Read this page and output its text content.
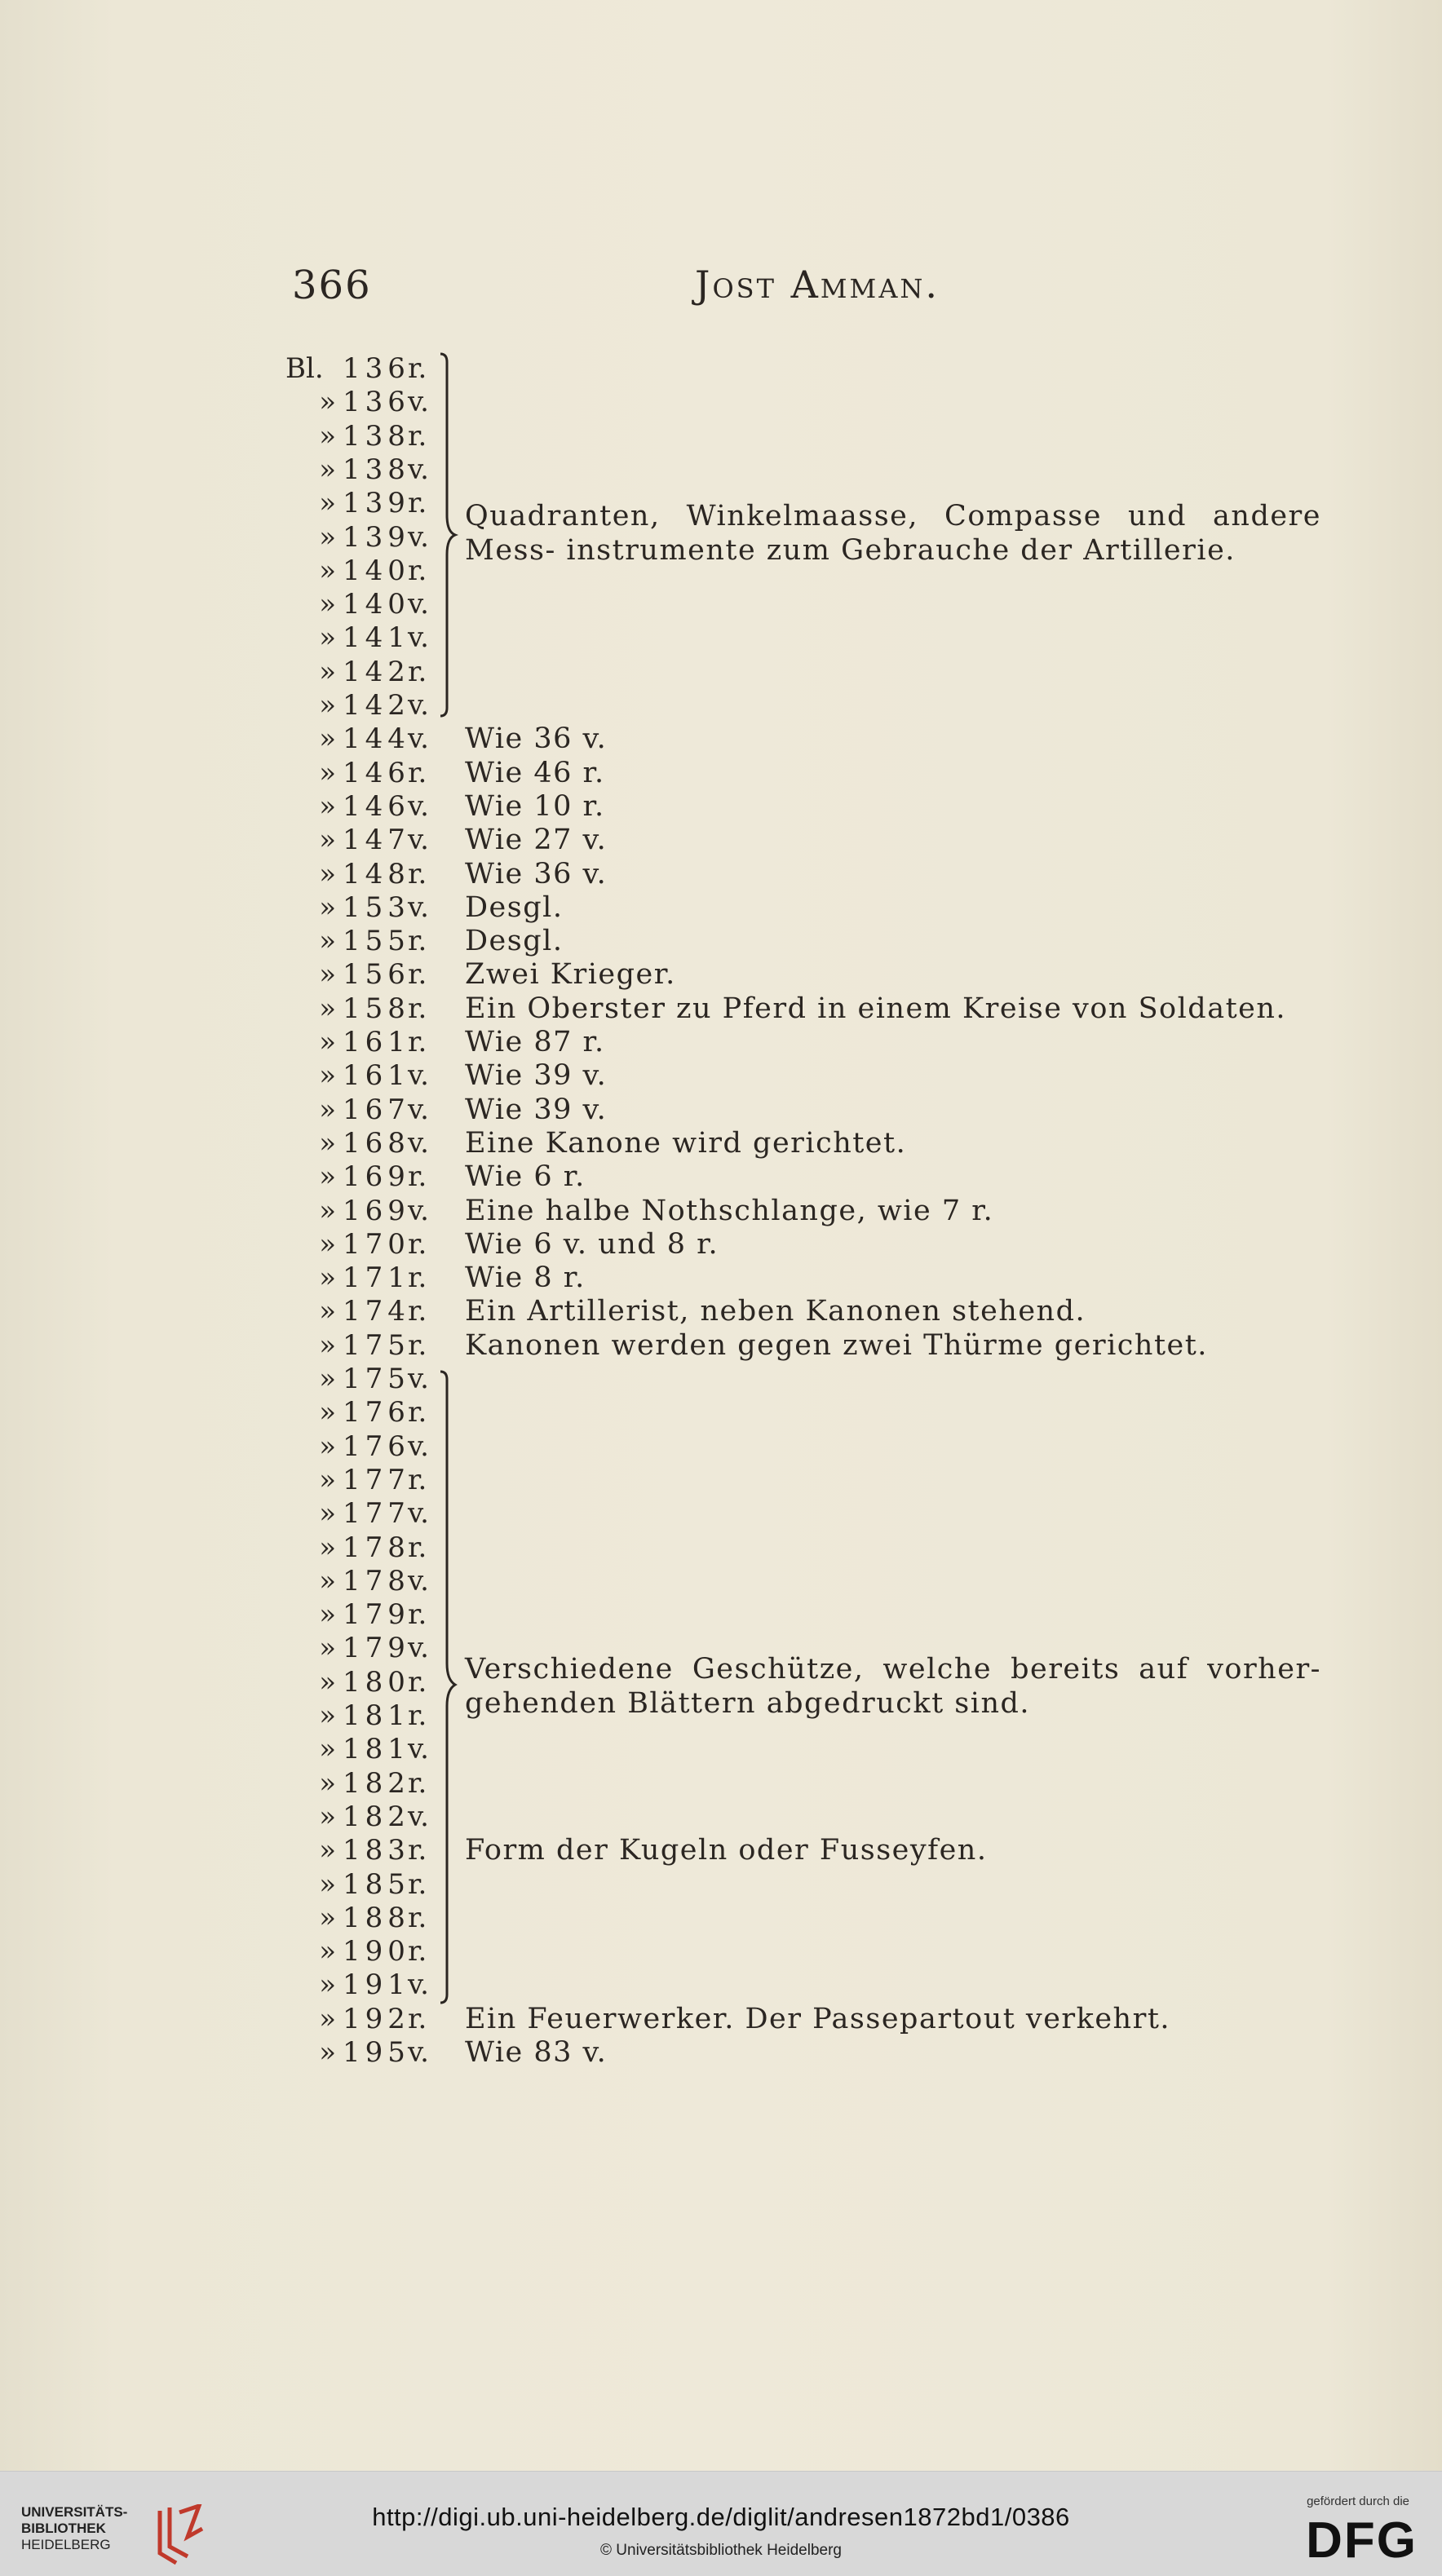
366	Jost Amman.
Bl. 136
r.
» 136
v.
» 138
r.
» 138
v.
» 139
r.
» 139
v.
» 140
r.
» 140
v.
» 141
v.
» 142
r.
» 142
v.
» 144
v. Wie 36 v.
» 146
r. Wie 46 r.
» 146
v. Wie 10 r.
» 147
v. Wie 27 v.
» 148
r. Wie 36 v.
» 153
v. Desgl.
» 155
r. Desgl.
» 156
r. Zwei Krieger.
» 158
r. Ein Oberster zu Pferd in einem Kreise von Soldaten.
» 161
r. Wie 87 r.
» 161
v. Wie 39 v.
» 167
v. Wie 39 v.
» 168
v. Eine Kanone wird gerichtet.
» 169
r. Wie 6 r.
» 169
v. Eine halbe Nothschlange, wie 7 r.
» 170
r. Wie 6 v. und 8 r.
» 171
r. Wie 8 r.
» 174
r. Ein Artillerist, neben Kanonen stehend.
» 175
r. Kanonen werden gegen zwei Thürme gerichtet.
» 175
v.
» 176
r.
» 176
v.
» 177
r.
» 177
v.
» 178
r.
» 178
v.
» 179
r.
» 179
v.
» 180
r.
» 181
r.
» 181
v.
» 182
r.
» 182
v.
» 183
r. Form der Kugeln oder Fusseyfen.
» 185
r.
» 188
r.
» 190
r.
» 191
v.
» 192
r. Ein Feuerwerker. Der Passepartout verkehrt.
» 195
v. Wie 83 v.
Quadranten, Winkelmaasse, Compasse und andere Mess- instrumente zum Gebrauche der Artillerie.
Verschiedene Geschütze, welche bereits auf vorher- gehenden Blättern abgedruckt sind.
UNIVERSITÄTS-
BIBLIOTHEK
HEIDELBERG
http://digi.ub.uni-heidelberg.de/diglit/andresen1872bd1/0386
© Universitätsbibliothek Heidelberg
gefördert durch die
DFG
